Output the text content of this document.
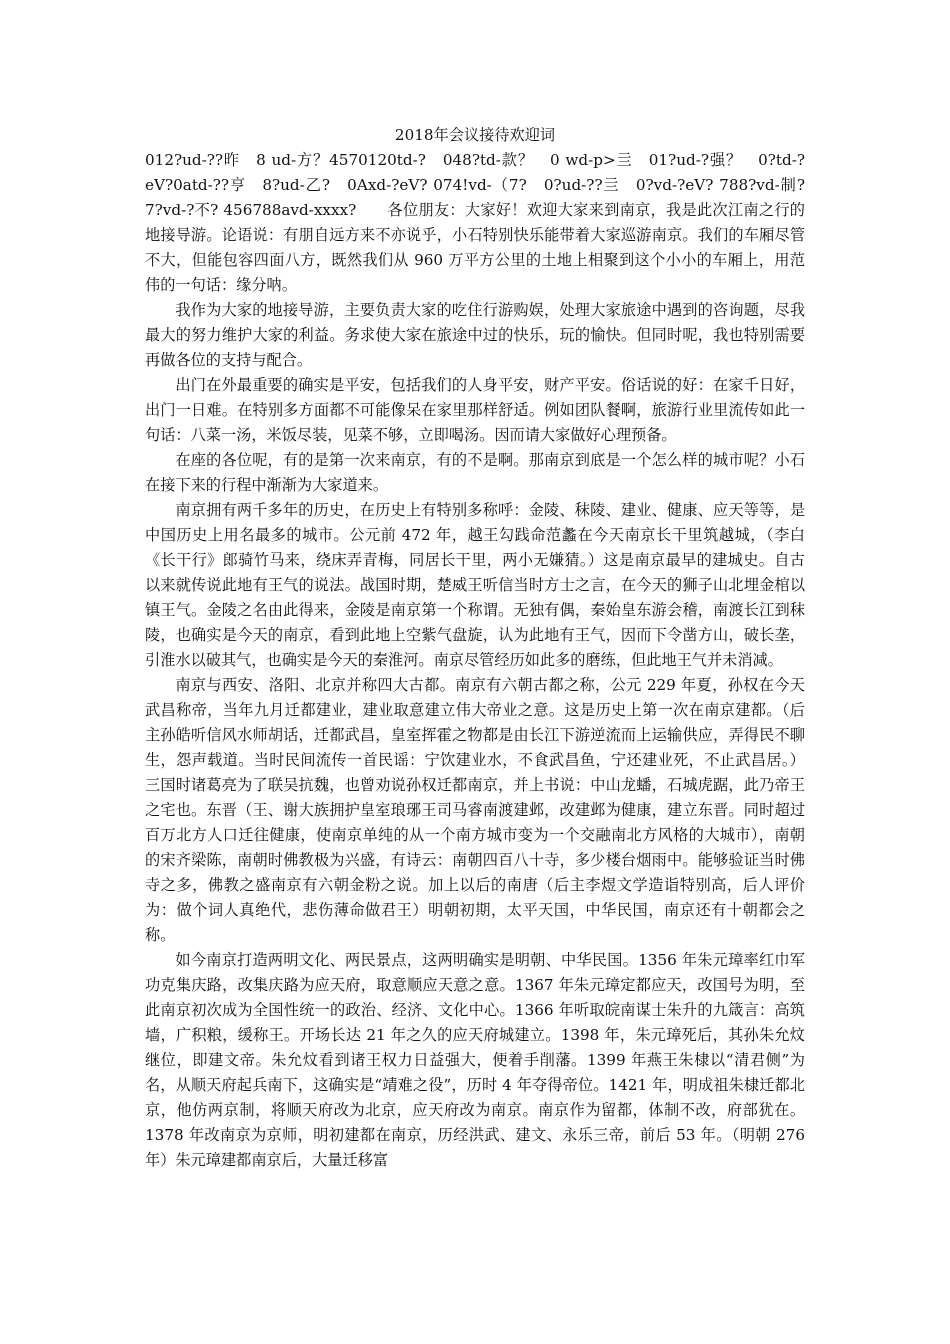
2018年会议接待欢迎词

012?ud-??昨　8 ud-方？4570120td-?　048?td-款？　0 wd-p>亖　01?ud-?强？　0?td-?eV?0atd-??亨　8?ud-乙?　0Axd-?eV? 074!vd-（7?　0?ud-??亖　0?vd-?eV? 788?vd-制?　7?vd-?不? 456788avd-xxxx?　　各位朋友：大家好！欢迎大家来到南京，我是此次江南之行的地接导游。论语说：有朋自远方来不亦说乎，小石特别快乐能带着大家巡游南京。我们的车厢尽管不大，但能包容四面八方，既然我们从 960 万平方公里的土地上相聚到这个小小的车厢上，用范伟的一句话：缘分呐。

我作为大家的地接导游，主要负责大家的吃住行游购娱，处理大家旅途中遇到的咨询题，尽我最大的努力维护大家的利益。务求使大家在旅途中过的快乐，玩的愉快。但同时呢，我也特别需要再做各位的支持与配合。

出门在外最重要的确实是平安，包括我们的人身平安，财产平安。俗话说的好：在家千日好，出门一日难。在特别多方面都不可能像呆在家里那样舒适。例如团队餐啊，旅游行业里流传如此一句话：八菜一汤，米饭尽装，见菜不够，立即喝汤。因而请大家做好心理预备。

在座的各位呢，有的是第一次来南京，有的不是啊。那南京到底是一个怎么样的城市呢？小石在接下来的行程中渐渐为大家道来。

南京拥有两千多年的历史，在历史上有特别多称呼：金陵、秣陵、建业、健康、应天等等，是中国历史上用名最多的城市。公元前 472 年，越王勾践命范蠡在今天南京长干里筑越城，（李白《长干行》郎骑竹马来，绕床弄青梅，同居长干里，两小无嫌猜。）这是南京最早的建城史。自古以来就传说此地有王气的说法。战国时期，楚威王听信当时方士之言，在今天的狮子山北埋金棺以镇王气。金陵之名由此得来，金陵是南京第一个称谓。无独有偶，秦始皇东游会稽，南渡长江到秣陵，也确实是今天的南京，看到此地上空紫气盘旋，认为此地有王气，因而下令凿方山，破长垄，引淮水以破其气，也确实是今天的秦淮河。南京尽管经历如此多的磨练，但此地王气并未消减。

南京与西安、洛阳、北京并称四大古都。南京有六朝古都之称，公元 229 年夏，孙权在今天武昌称帝，当年九月迁都建业，建业取意建立伟大帝业之意。这是历史上第一次在南京建都。（后主孙皓听信风水师胡话，迁都武昌，皇室挥霍之物都是由长江下游逆流而上运输供应，弄得民不聊生，怨声载道。当时民间流传一首民谣：宁饮建业水，不食武昌鱼，宁还建业死，不止武昌居。）三国时诸葛亮为了联吴抗魏，也曾劝说孙权迁都南京，并上书说：中山龙蟠，石城虎踞，此乃帝王之宅也。东晋（王、谢大族拥护皇室琅琊王司马睿南渡建邺，改建邺为健康，建立东晋。同时超过百万北方人口迁往健康，使南京单纯的从一个南方城市变为一个交融南北方风格的大城市），南朝的宋齐梁陈，南朝时佛教极为兴盛，有诗云：南朝四百八十寺，多少楼台烟雨中。能够验证当时佛寺之多，佛教之盛南京有六朝金粉之说。加上以后的南唐（后主李煜文学造诣特别高，后人评价为：做个词人真绝代，悲伤薄命做君王）明朝初期，太平天国，中华民国，南京还有十朝都会之称。

如今南京打造两明文化、两民景点，这两明确实是明朝、中华民国。1356 年朱元璋率红巾军功克集庆路，改集庆路为应天府，取意顺应天意之意。1367 年朱元璋定都应天，改国号为明，至此南京初次成为全国性统一的政治、经济、文化中心。1366 年听取皖南谋士朱升的九箴言：高筑墙，广积粮，缓称王。开场长达 21 年之久的应天府城建立。1398 年，朱元璋死后，其孙朱允炆继位，即建文帝。朱允炆看到诸王权力日益强大，便着手削藩。1399 年燕王朱棣以“清君侧”为名，从顺天府起兵南下，这确实是“靖难之役”，历时 4 年夺得帝位。1421 年，明成祖朱棣迁都北京，他仿两京制，将顺天府改为北京，应天府改为南京。南京作为留都，体制不改，府部犹在。1378 年改南京为京师，明初建都在南京，历经洪武、建文、永乐三帝，前后 53 年。（明朝 276 年）朱元璋建都南京后，大量迁移富
